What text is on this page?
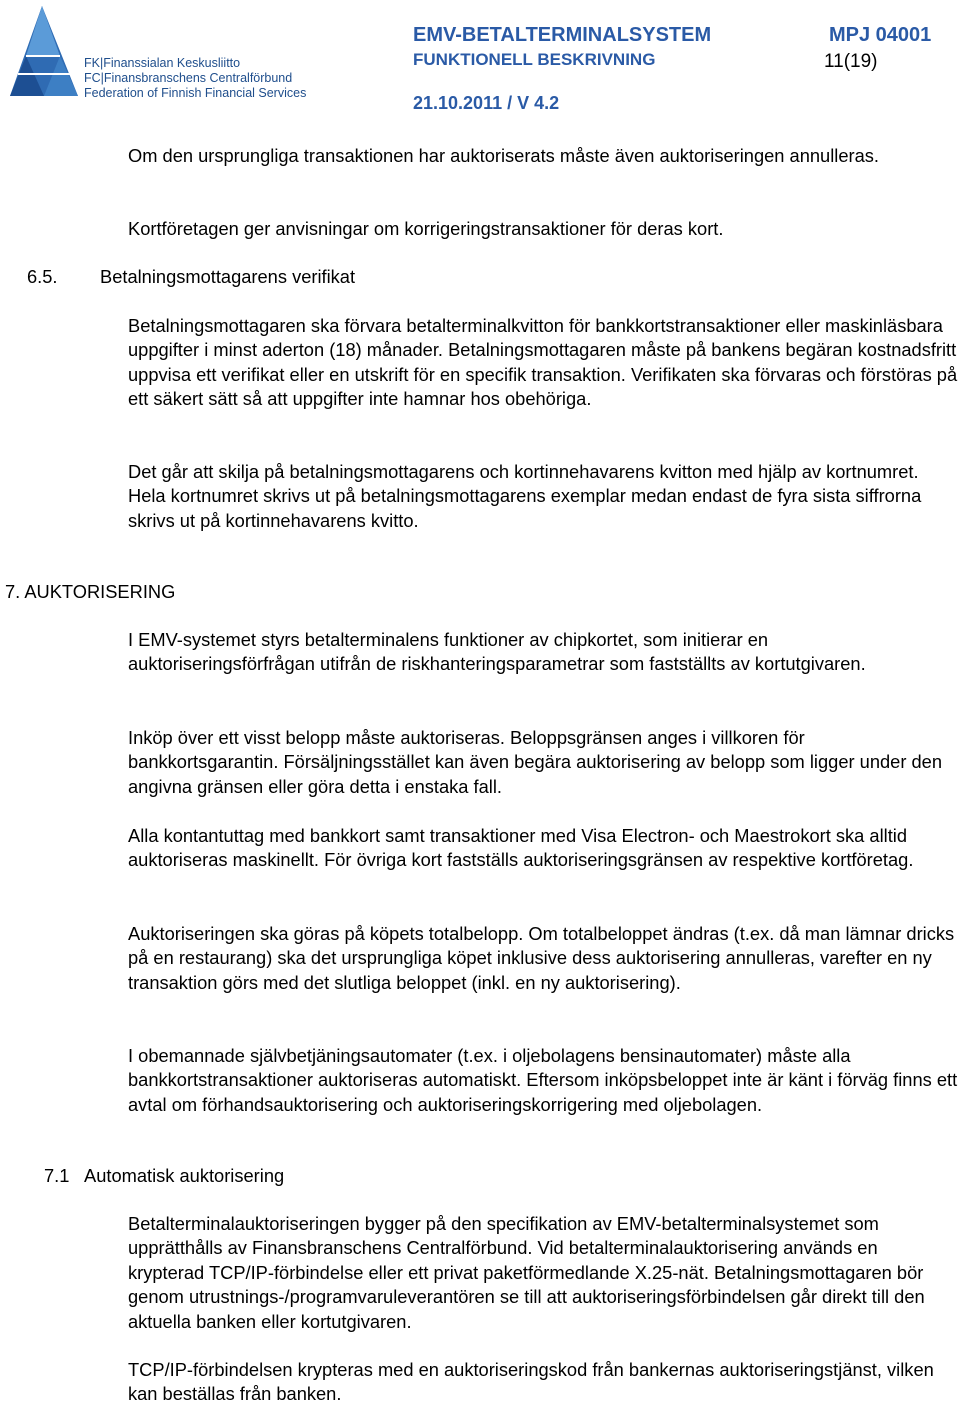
FK|Finanssialan Keskusliitto
FC|Finansbranschens Centralförbund
Federation of Finnish Financial Services
EMV-BETALTERMINALSYSTEM
FUNKTIONELL BESKRIVNING
MPJ 04001
11(19)
21.10.2011 / V 4.2

Om den ursprungliga transaktionen har auktoriserats måste även auktoriseringen annulleras.

Kortföretagen ger anvisningar om korrigeringstransaktioner för deras kort.

6.5. Betalningsmottagarens verifikat

Betalningsmottagaren ska förvara betalterminalkvitton för bankkortstransaktioner eller maskinläsbara uppgifter i minst aderton (18) månader. Betalningsmottagaren måste på bankens begäran kostnadsfritt uppvisa ett verifikat eller en utskrift för en specifik transaktion. Verifikaten ska förvaras och förstöras på ett säkert sätt så att uppgifter inte hamnar hos obehöriga.

Det går att skilja på betalningsmottagarens och kortinnehavarens kvitton med hjälp av kortnumret. Hela kortnumret skrivs ut på betalningsmottagarens exemplar medan endast de fyra sista siffrorna skrivs ut på kortinnehavarens kvitto.

7. AUKTORISERING

I EMV-systemet styrs betalterminalens funktioner av chipkortet, som initierar en auktoriseringsförfrågan utifrån de riskhanteringsparametrar som fastställts av kortutgivaren.

Inköp över ett visst belopp måste auktoriseras. Beloppsgränsen anges i villkoren för bankkortsgarantin. Försäljningsstället kan även begära auktorisering av belopp som ligger under den angivna gränsen eller göra detta i enstaka fall.

Alla kontantuttag med bankkort samt transaktioner med Visa Electron- och Maestrokort ska alltid auktoriseras maskinellt. För övriga kort fastställs auktoriseringsgränsen av respektive kortföretag.

Auktoriseringen ska göras på köpets totalbelopp. Om totalbeloppet ändras (t.ex. då man lämnar dricks på en restaurang) ska det ursprungliga köpet inklusive dess auktorisering annulleras, varefter en ny transaktion görs med det slutliga beloppet (inkl. en ny auktorisering).

I obemannade självbetjäningsautomater (t.ex. i oljebolagens bensinautomater) måste alla bankkortstransaktioner auktoriseras automatiskt. Eftersom inköpsbeloppet inte är känt i förväg finns ett avtal om förhandsauktorisering och auktoriseringskorrigering med oljebolagen.

7.1 Automatisk auktorisering

Betalterminalauktoriseringen bygger på den specifikation av EMV-betalterminalsystemet som upprätthålls av Finansbranschens Centralförbund. Vid betalterminalauktorisering används en krypterad TCP/IP-förbindelse eller ett privat paketförmedlande X.25-nät. Betalningsmottagaren bör genom utrustnings-/programvaruleverantören se till att auktoriseringsförbindelsen går direkt till den aktuella banken eller kortutgivaren.

TCP/IP-förbindelsen krypteras med en auktoriseringskod från bankernas auktoriseringstjänst, vilken kan beställas från banken.
